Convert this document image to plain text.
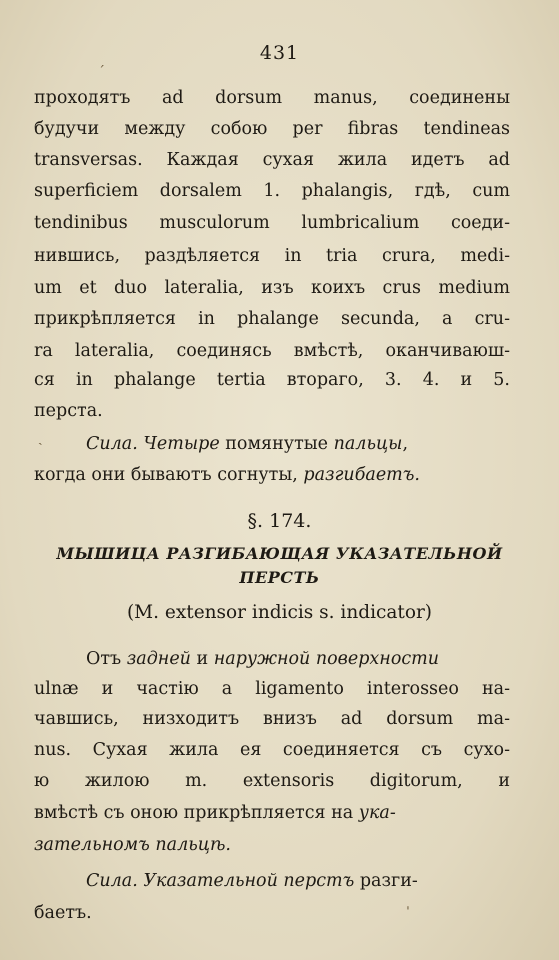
431
проходятъ ad dorsum manus, соединены
будучи между собою per fibras tendineas
transversas. Каждая сухая жила идетъ ad
superficiem dorsalem 1. phalangis, гдѣ, cum
tendinibus musculorum lumbricalium соеди-
нившись, раздѣляется in tria crura, medi-
um et duo lateralia, изъ коихъ crus medium
прикрѣпляется in phalange secunda, а cru-
ra lateralia, соединясь вмѣстѣ, оканчиваюш-
ся in phalange tertia втораго, 3. 4. и 5.
перста.
Сила. Четыре помянутые пальцы,
когда они бываютъ согнуты, разгибаетъ.
§. 174.
МЫШИЦА РАЗГИБАЮЩАЯ УКАЗАТЕЛЬНОЙ
ПЕРСТЬ
(M. extensor indicis s. indicator)
Отъ задней и наружной поверхности
ulnæ и частію a ligamento interosseo на-
чавшись, низходитъ внизъ ad dorsum ma-
nus. Сухая жила ея соединяется съ сухо-
ю жилою m. extensoris digitorum, и
вмѣстѣ съ оною прикрѣпляется на ука-
зательномъ пальцѣ.
Сила. Указательной перстъ разги-
баетъ.
ˊ
ˎ
ˈ
